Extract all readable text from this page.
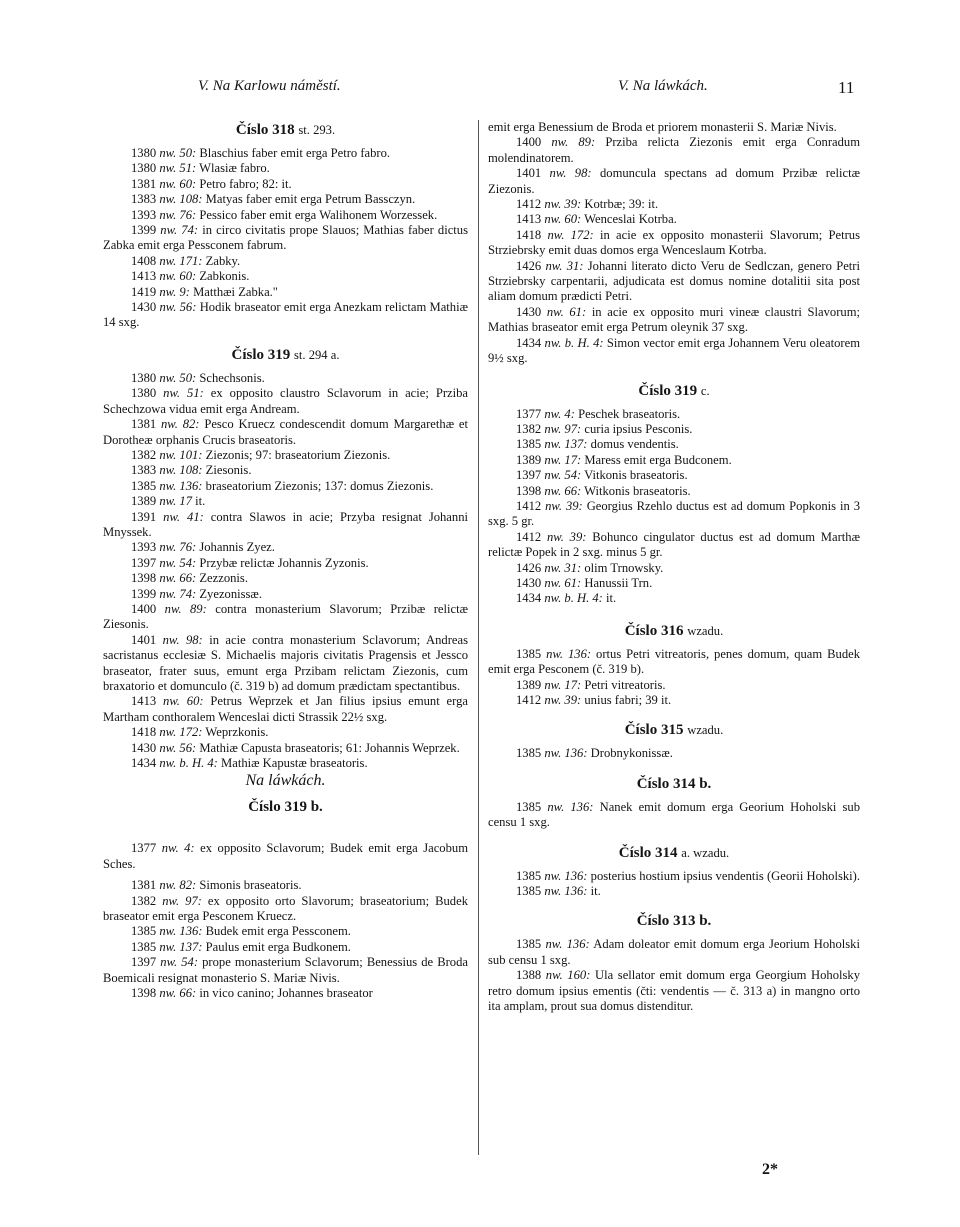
V. Na Karlowu náměstí.	V. Na láwkách.	11

Číslo 318 st. 293.

1380 nw. 50: Blaschius faber emit erga Petro fabro.

1380 nw. 51: Wlasiæ fabro.

1381 nw. 60: Petro fabro; 82: it.

1383 nw. 108: Matyas faber emit erga Petrum Bassczyn.

1393 nw. 76: Pessico faber emit erga Walihonem Worzessek.

1399 nw. 74: in circo civitatis prope Slauos; Mathias faber dictus Zabka emit erga Pessconem fabrum.

1408 nw. 171: Zabky.

1413 nw. 60: Zabkonis.

1419 nw. 9: Matthæi Zabka."

1430 nw. 56: Hodik braseator emit erga Anezkam relictam Mathiæ 14 sxg.

Číslo 319 st. 294 a.

1380 nw. 50: Schechsonis.

1380 nw. 51: ex opposito claustro Sclavorum in acie; Prziba Schechzowa vidua emit erga Andream.

1381 nw. 82: Pesco Kruecz condescendit domum Margarethæ et Dorotheæ orphanis Crucis braseatoris.

1382 nw. 101: Ziezonis; 97: braseatorium Ziezonis.

1383 nw. 108: Ziesonis.

1385 nw. 136: braseatorium Ziezonis; 137: domus Ziezonis.

1389 nw. 17 it.

1391 nw. 41: contra Slawos in acie; Przyba resignat Johanni Mnyssek.

1393 nw. 76: Johannis Zyez.

1397 nw. 54: Przybæ relictæ Johannis Zyzonis.

1398 nw. 66: Zezzonis.

1399 nw. 74: Zyezonissæ.

1400 nw. 89: contra monasterium Slavorum; Przibæ relictæ Ziesonis.

1401 nw. 98: in acie contra monasterium Sclavorum; Andreas sacristanus ecclesiæ S. Michaelis majoris civitatis Pragensis et Jessco braseator, frater suus, emunt erga Przibam relictam Ziezonis, cum braxatorio et domunculo (č. 319 b) ad domum prædictam spectantibus.

1413 nw. 60: Petrus Weprzek et Jan filius ipsius emunt erga Martham conthoralem Wenceslai dicti Strassik 22½ sxg.

1418 nw. 172: Weprzkonis.

1430 nw. 56: Mathiæ Capusta braseatoris; 61: Johannis Weprzek.

1434 nw. b. H. 4: Mathiæ Kapustæ braseatoris.

Na láwkách.

Číslo 319 b.

1377 nw. 4: ex opposito Sclavorum; Budek emit erga Jacobum Sches.

1381 nw. 82: Simonis braseatoris.

1382 nw. 97: ex opposito orto Slavorum; braseatorium; Budek braseator emit erga Pesconem Kruecz.

1385 nw. 136: Budek emit erga Pessconem.

1385 nw. 137: Paulus emit erga Budkonem.

1397 nw. 54: prope monasterium Sclavorum; Benessius de Broda Boemicali resignat monasterio S. Mariæ Nivis.

1398 nw. 66: in vico canino; Johannes braseator

emit erga Benessium de Broda et priorem monasterii S. Mariæ Nivis.

1400 nw. 89: Prziba relicta Ziezonis emit erga Conradum molendinatorem.

1401 nw. 98: domuncula spectans ad domum Przibæ relictæ Ziezonis.

1412 nw. 39: Kotrbæ; 39: it.

1413 nw. 60: Wenceslai Kotrba.

1418 nw. 172: in acie ex opposito monasterii Slavorum; Petrus Strziebrsky emit duas domos erga Wenceslaum Kotrba.

1426 nw. 31: Johanni literato dicto Veru de Sedlczan, genero Petri Strziebrsky carpentarii, adjudicata est domus nomine dotalitii sita post aliam domum prædicti Petri.

1430 nw. 61: in acie ex opposito muri vineæ claustri Slavorum; Mathias braseator emit erga Petrum oleynik 37 sxg.

1434 nw. b. H. 4: Simon vector emit erga Johannem Veru oleatorem 9½ sxg.

Číslo 319 c.

1377 nw. 4: Peschek braseatoris.

1382 nw. 97: curia ipsius Pesconis.

1385 nw. 137: domus vendentis.

1389 nw. 17: Maress emit erga Budconem.

1397 nw. 54: Vitkonis braseatoris.

1398 nw. 66: Witkonis braseatoris.

1412 nw. 39: Georgius Rzehlo ductus est ad domum Popkonis in 3 sxg. 5 gr.

1412 nw. 39: Bohunco cingulator ductus est ad domum Marthæ relictæ Popek in 2 sxg. minus 5 gr.

1426 nw. 31: olim Trnowsky.

1430 nw. 61: Hanussii Trn.

1434 nw. b. H. 4: it.

Číslo 316 wzadu.

1385 nw. 136: ortus Petri vitreatoris, penes domum, quam Budek emit erga Pesconem (č. 319 b).

1389 nw. 17: Petri vitreatoris.

1412 nw. 39: unius fabri; 39 it.

Číslo 315 wzadu.

1385 nw. 136: Drobnykonissæ.

Číslo 314 b.

1385 nw. 136: Nanek emit domum erga Georium Hoholski sub censu 1 sxg.

Číslo 314 a. wzadu.

1385 nw. 136: posterius hostium ipsius vendentis (Georii Hoholski).

1385 nw. 136: it.

Číslo 313 b.

1385 nw. 136: Adam doleator emit domum erga Jeorium Hoholski sub censu 1 sxg.

1388 nw. 160: Ula sellator emit domum erga Georgium Hoholsky retro domum ipsius ementis (čti: vendentis — č. 313 a) in mangno orto ita amplam, prout sua domus distenditur.

2*
